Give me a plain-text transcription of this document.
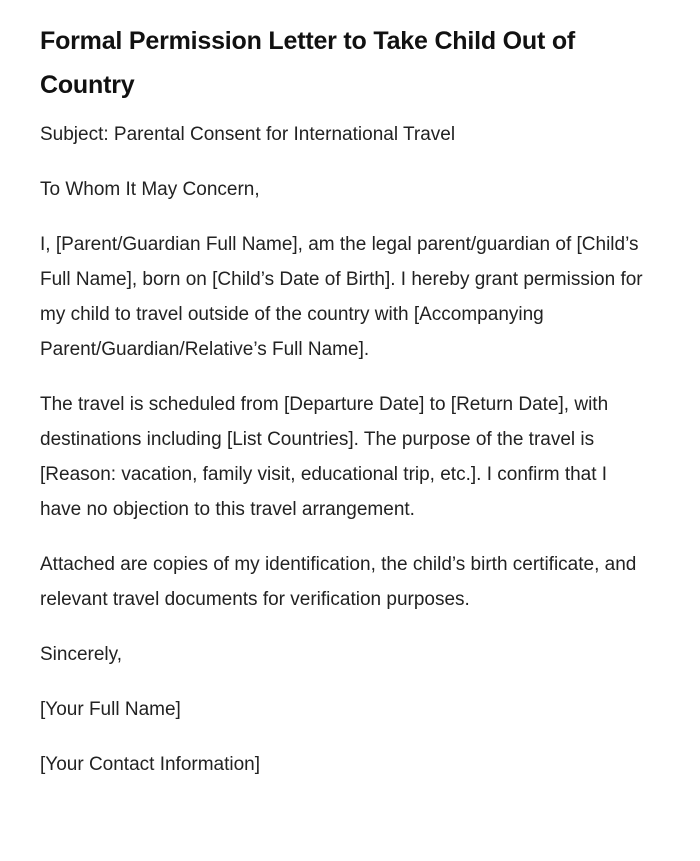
Formal Permission Letter to Take Child Out of Country

Subject: Parental Consent for International Travel

To Whom It May Concern,

I, [Parent/Guardian Full Name], am the legal parent/guardian of [Child’s Full Name], born on [Child’s Date of Birth]. I hereby grant permission for my child to travel outside of the country with [Accompanying Parent/Guardian/Relative’s Full Name].

The travel is scheduled from [Departure Date] to [Return Date], with destinations including [List Countries]. The purpose of the travel is [Reason: vacation, family visit, educational trip, etc.]. I confirm that I have no objection to this travel arrangement.

Attached are copies of my identification, the child’s birth certificate, and relevant travel documents for verification purposes.

Sincerely,

[Your Full Name]

[Your Contact Information]
